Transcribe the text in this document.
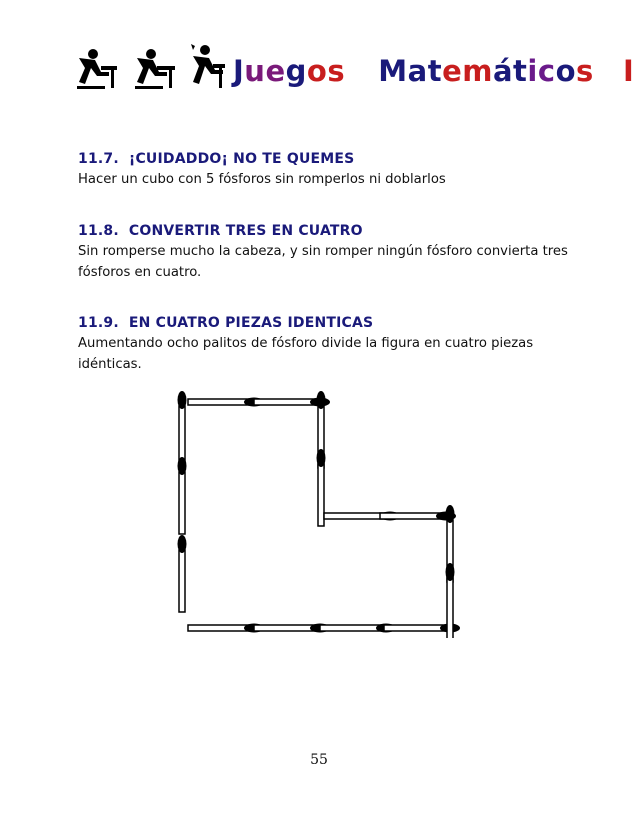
Juegos Matemáticos I
11.7. ¡CUIDADDO¡ NO TE QUEMES
Hacer un cubo con 5 fósforos sin romperlos ni doblarlos
11.8. CONVERTIR TRES EN CUATRO
Sin romperse mucho la cabeza, y sin romper ningún fósforo convierta tres fósforos en cuatro.
11.9. EN CUATRO PIEZAS IDENTICAS
Aumentando ocho palitos de fósforo divide la figura en cuatro piezas idénticas.
55
